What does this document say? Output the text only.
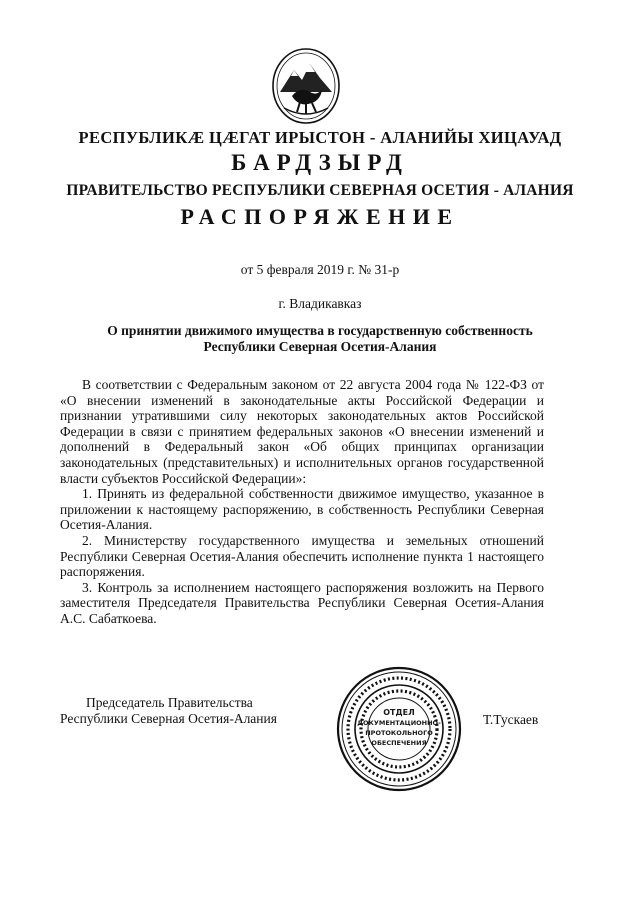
РЕСПУБЛИКÆ ЦÆГАТ ИРЫСТОН - АЛАНИЙЫ ХИЦАУАД
БАРДЗЫРД
ПРАВИТЕЛЬСТВО РЕСПУБЛИКИ СЕВЕРНАЯ ОСЕТИЯ - АЛАНИЯ
РАСПОРЯЖЕНИЕ
от 5 февраля 2019 г. № 31-р
г. Владикавказ
О принятии движимого имущества в государственную собственность
Республики Северная Осетия-Алания

В соответствии с Федеральным законом от 22 августа 2004 года № 122-ФЗ от «О внесении изменений в законодательные акты Российской Федерации и признании утратившими силу некоторых законодательных актов Российской Федерации в связи с принятием федеральных законов «О внесении изменений и дополнений в Федеральный закон «Об общих принципах организации законодательных (представительных) и исполнительных органов государственной власти субъектов Российской Федерации»:

1. Принять из федеральной собственности движимое имущество, указанное в приложении к настоящему распоряжению, в собственность Республики Северная Осетия-Алания.

2. Министерству государственного имущества и земельных отношений Республики Северная Осетия-Алания обеспечить исполнение пункта 1 настоящего распоряжения.

3. Контроль за исполнением настоящего распоряжения возложить на Первого заместителя Председателя Правительства Республики Северная Осетия-Алания А.С. Сабаткоева.

Председатель Правительства
Республики Северная Осетия-Алания	ОТДЕЛ
ДОКУМЕНТАЦИОННО-
ПРОТОКОЛЬНОГО
ОБЕСПЕЧЕНИЯ
Т.Тускаев
